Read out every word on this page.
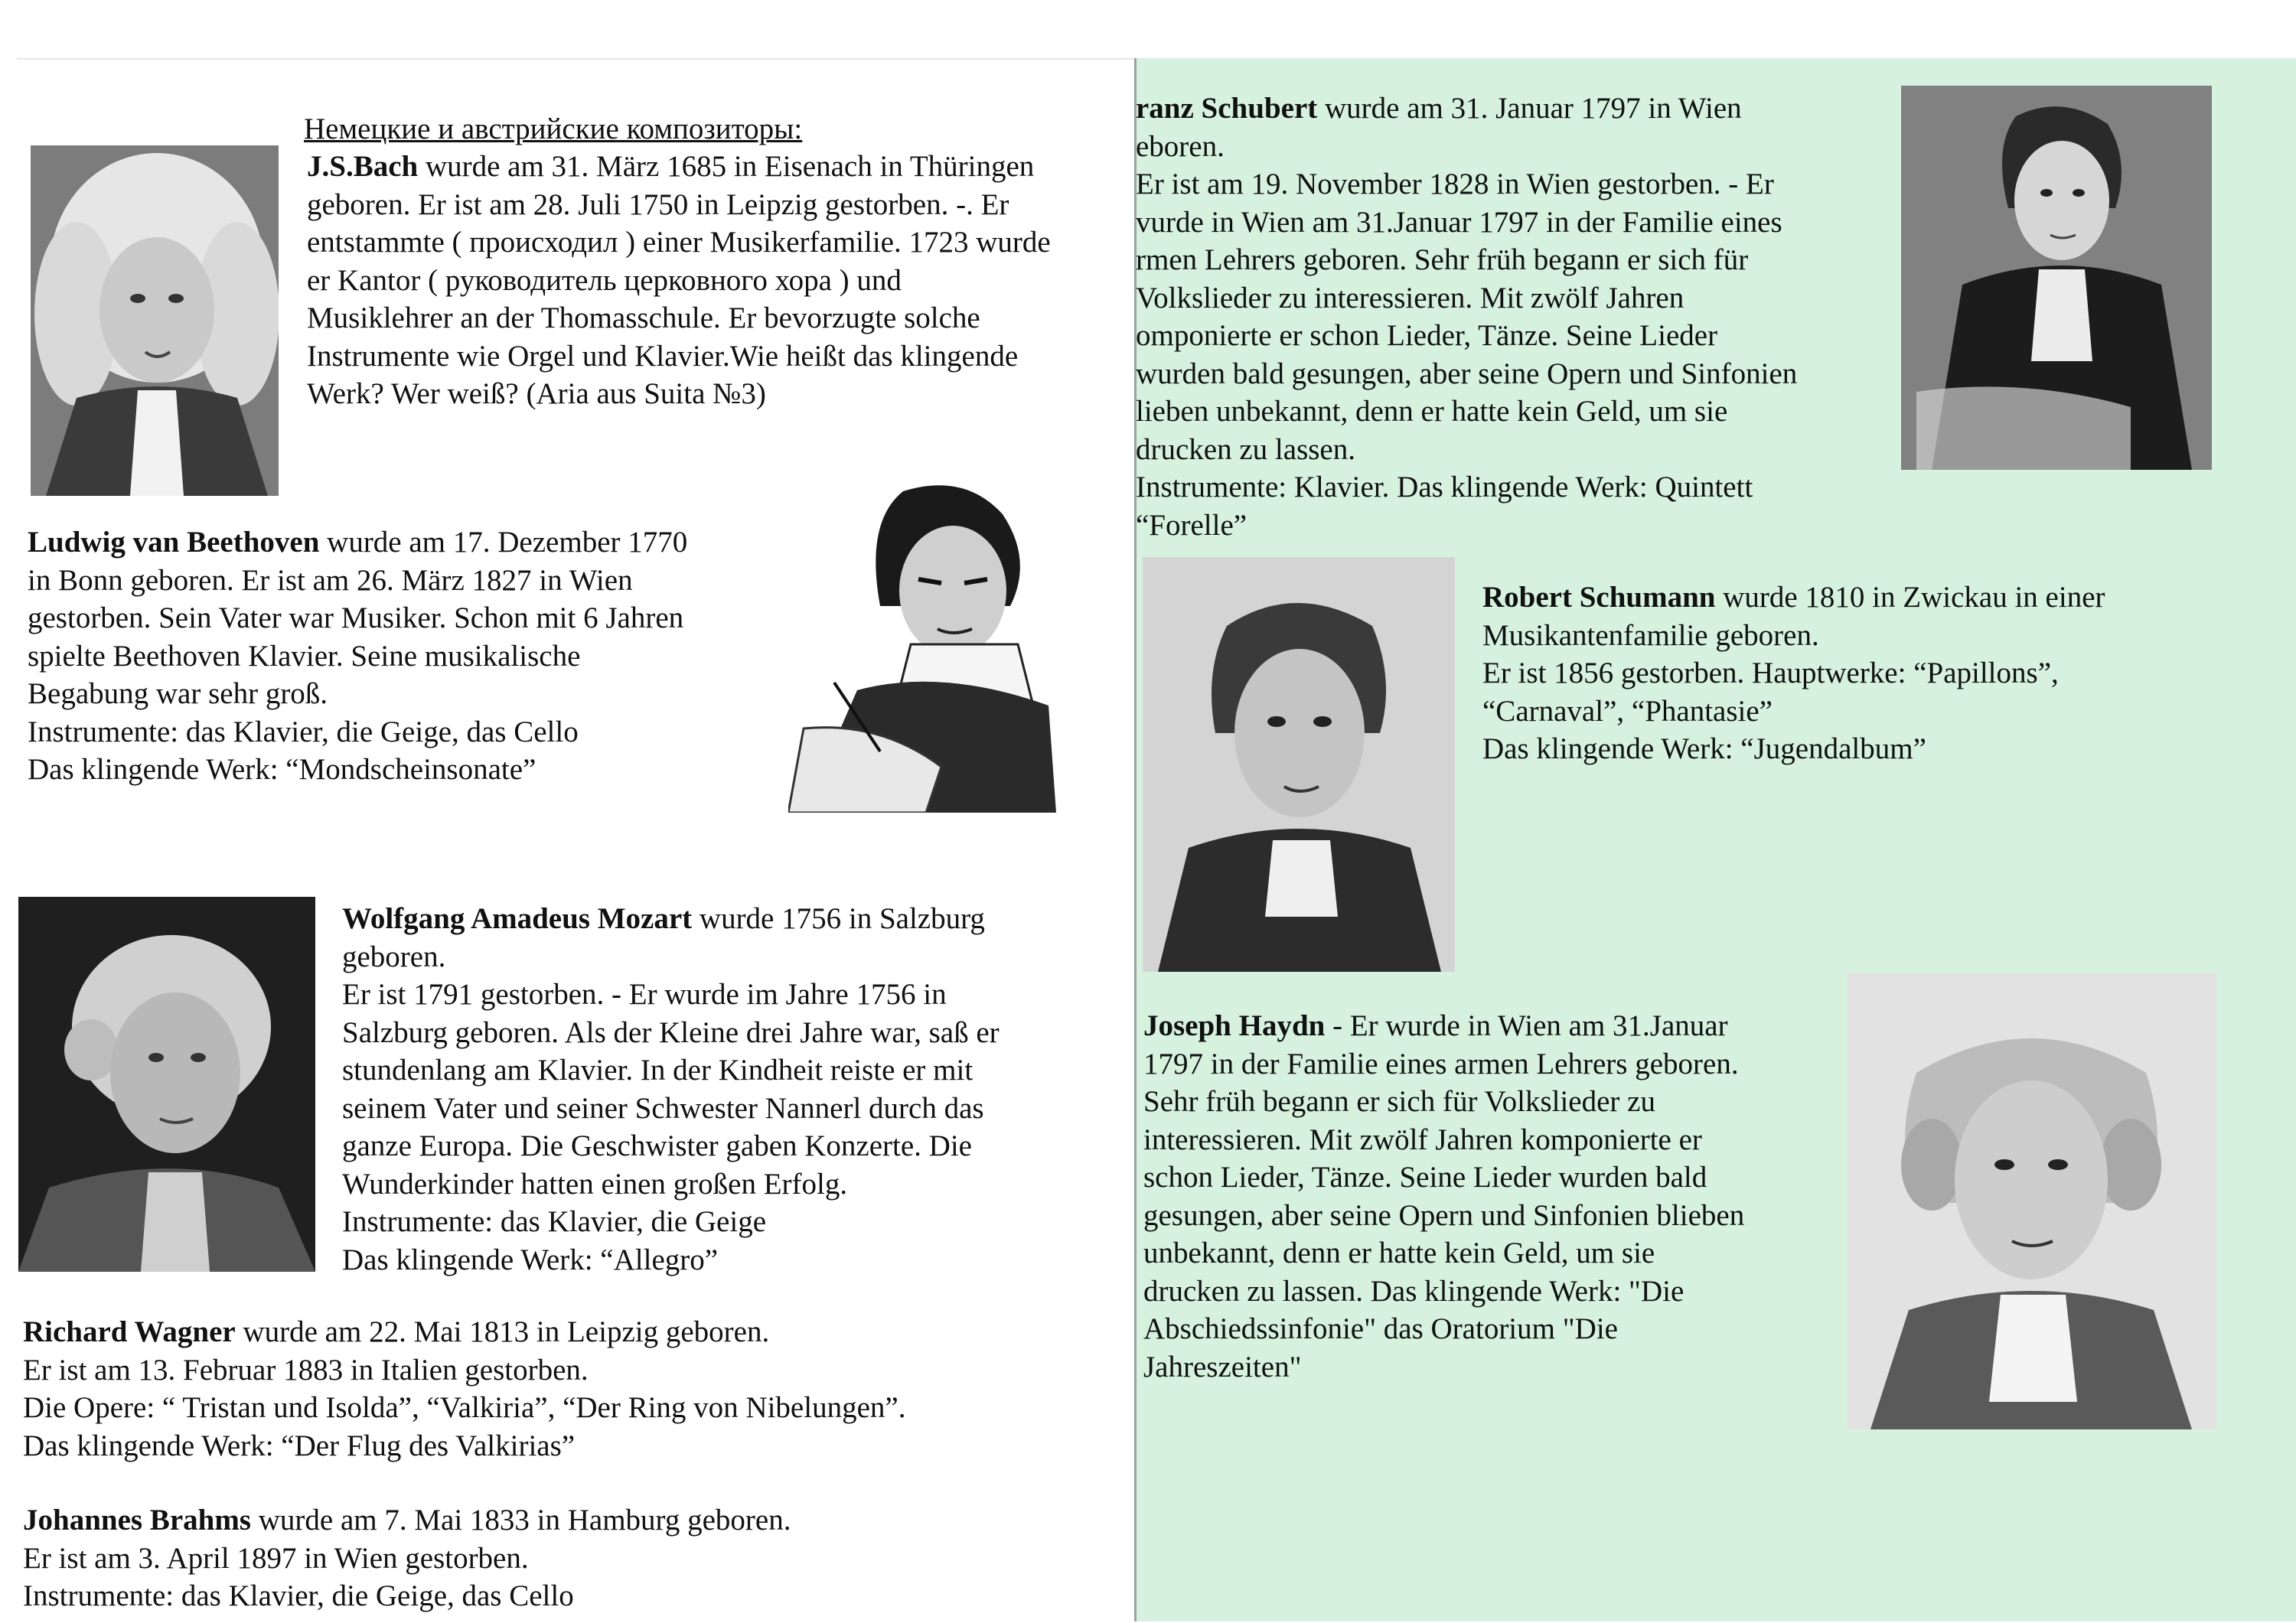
Немецкие и австрийские композиторы:
J.S.Bach wurde am 31. März 1685 in Eisenach in Thüringen
geboren. Er ist am 28. Juli 1750 in Leipzig gestorben. -. Er
entstammte ( происходил ) einer Musikerfamilie. 1723 wurde
er Kantor ( руководитель церковного хора ) und
Musiklehrer an der Thomasschule. Er bevorzugte solche
Instrumente wie Orgel und Klavier.Wie heißt das klingende
Werk? Wer weiß? (Aria aus Suita №3)
Ludwig van Beethoven wurde am 17. Dezember 1770
in Bonn geboren. Er ist am 26. März 1827 in Wien
gestorben. Sein Vater war Musiker. Schon mit 6 Jahren
spielte Beethoven Klavier. Seine musikalische
Begabung war sehr groß.
Instrumente: das Klavier, die Geige, das Cello
Das klingende Werk: “Mondscheinsonate”
Wolfgang Amadeus Mozart wurde 1756 in Salzburg
geboren.
Er ist 1791 gestorben. - Er wurde im Jahre 1756 in
Salzburg geboren. Als der Kleine drei Jahre war, saß er
stundenlang am Klavier. In der Kindheit reiste er mit
seinem Vater und seiner Schwester Nannerl durch das
ganze Europa. Die Geschwister gaben Konzerte. Die
Wunderkinder hatten einen großen Erfolg.
Instrumente: das Klavier, die Geige
Das klingende Werk: “Allegro”
Richard Wagner wurde am 22. Mai 1813 in Leipzig geboren.
Er ist am 13. Februar 1883 in Italien gestorben.
Die Opere: “ Tristan und Isolda”, “Valkiria”, “Der Ring von Nibelungen”.
Das klingende Werk: “Der Flug des Valkirias”
Johannes Brahms wurde am 7. Mai 1833 in Hamburg geboren.
Er ist am 3. April 1897 in Wien gestorben.
Instrumente: das Klavier, die Geige, das Cello
ranz Schubert wurde am 31. Januar 1797 in Wien
eboren.
Er ist am 19. November 1828 in Wien gestorben. - Er
vurde in Wien am 31.Januar 1797 in der Familie eines
rmen Lehrers geboren. Sehr früh begann er sich für
Volkslieder zu interessieren. Mit zwölf Jahren
omponierte er schon Lieder, Tänze. Seine Lieder
wurden bald gesungen, aber seine Opern und Sinfonien
lieben unbekannt, denn er hatte kein Geld, um sie
drucken zu lassen.
Instrumente: Klavier. Das klingende Werk: Quintett
“Forelle”
Robert Schumann wurde 1810 in Zwickau in einer
Musikantenfamilie geboren.
Er ist 1856 gestorben. Hauptwerke: “Papillons”,
“Carnaval”, “Phantasie”
Das klingende Werk: “Jugendalbum”
Joseph Haydn - Er wurde in Wien am 31.Januar
1797 in der Familie eines armen Lehrers geboren.
Sehr früh begann er sich für Volkslieder zu
interessieren. Mit zwölf Jahren komponierte er
schon Lieder, Tänze. Seine Lieder wurden bald
gesungen, aber seine Opern und Sinfonien blieben
unbekannt, denn er hatte kein Geld, um sie
drucken zu lassen. Das klingende Werk: "Die
Abschiedssinfonie" das Oratorium "Die
Jahreszeiten"
